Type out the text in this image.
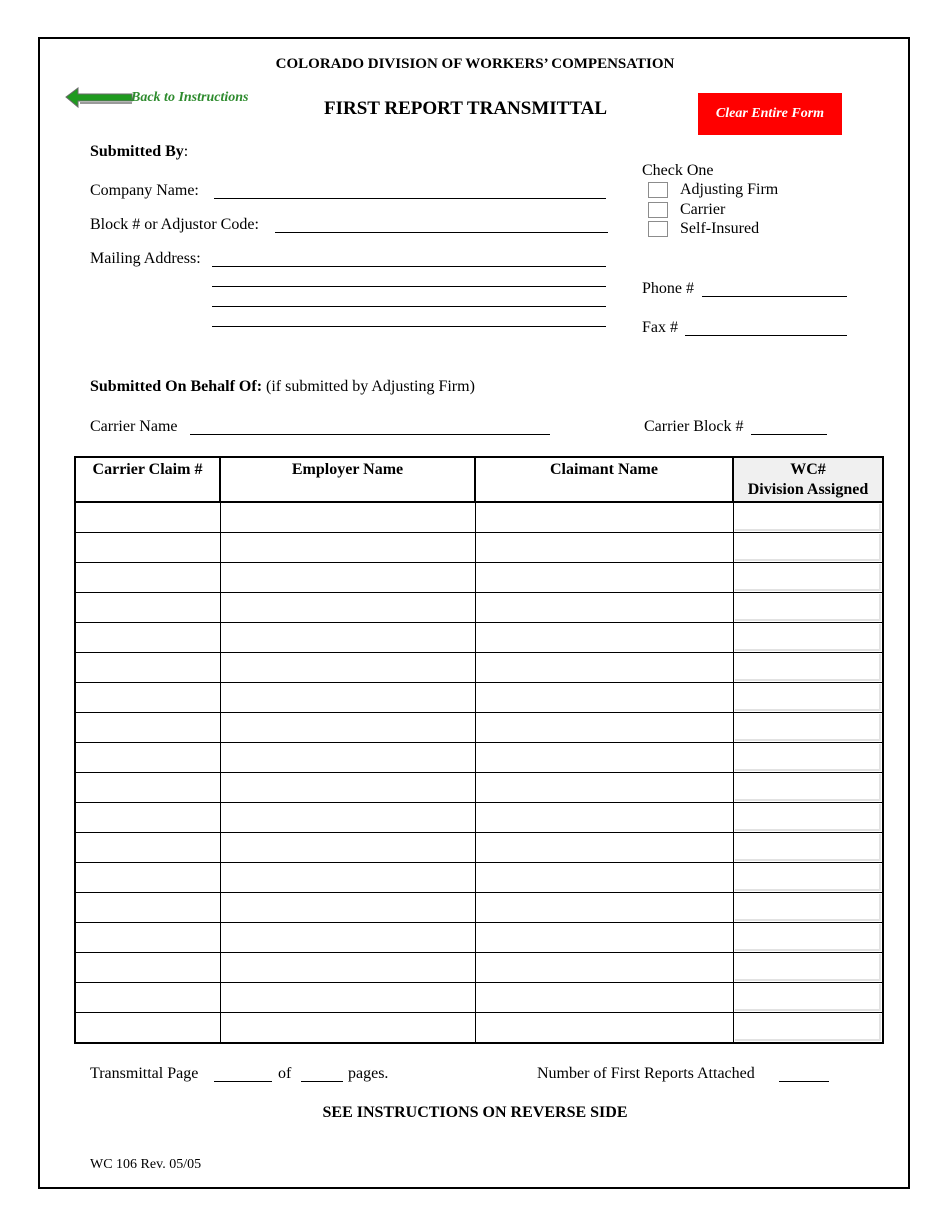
COLORADO DIVISION OF WORKERS’ COMPENSATION
Back to Instructions
FIRST REPORT TRANSMITTAL	Clear Entire Form
Submitted By:
Company Name:
Block # or Adjustor Code:
Mailing Address:
Check One
Adjusting Firm
Carrier
Self-Insured
Phone #
Fax #
Submitted On Behalf Of: (if submitted by Adjusting Firm)
Carrier Name	Carrier Block #
Carrier Claim #	Employer Name	Claimant Name	WC#
Division Assigned

Transmittal Page	of	pages.	Number of First Reports Attached
SEE INSTRUCTIONS ON REVERSE SIDE
WC 106 Rev. 05/05
